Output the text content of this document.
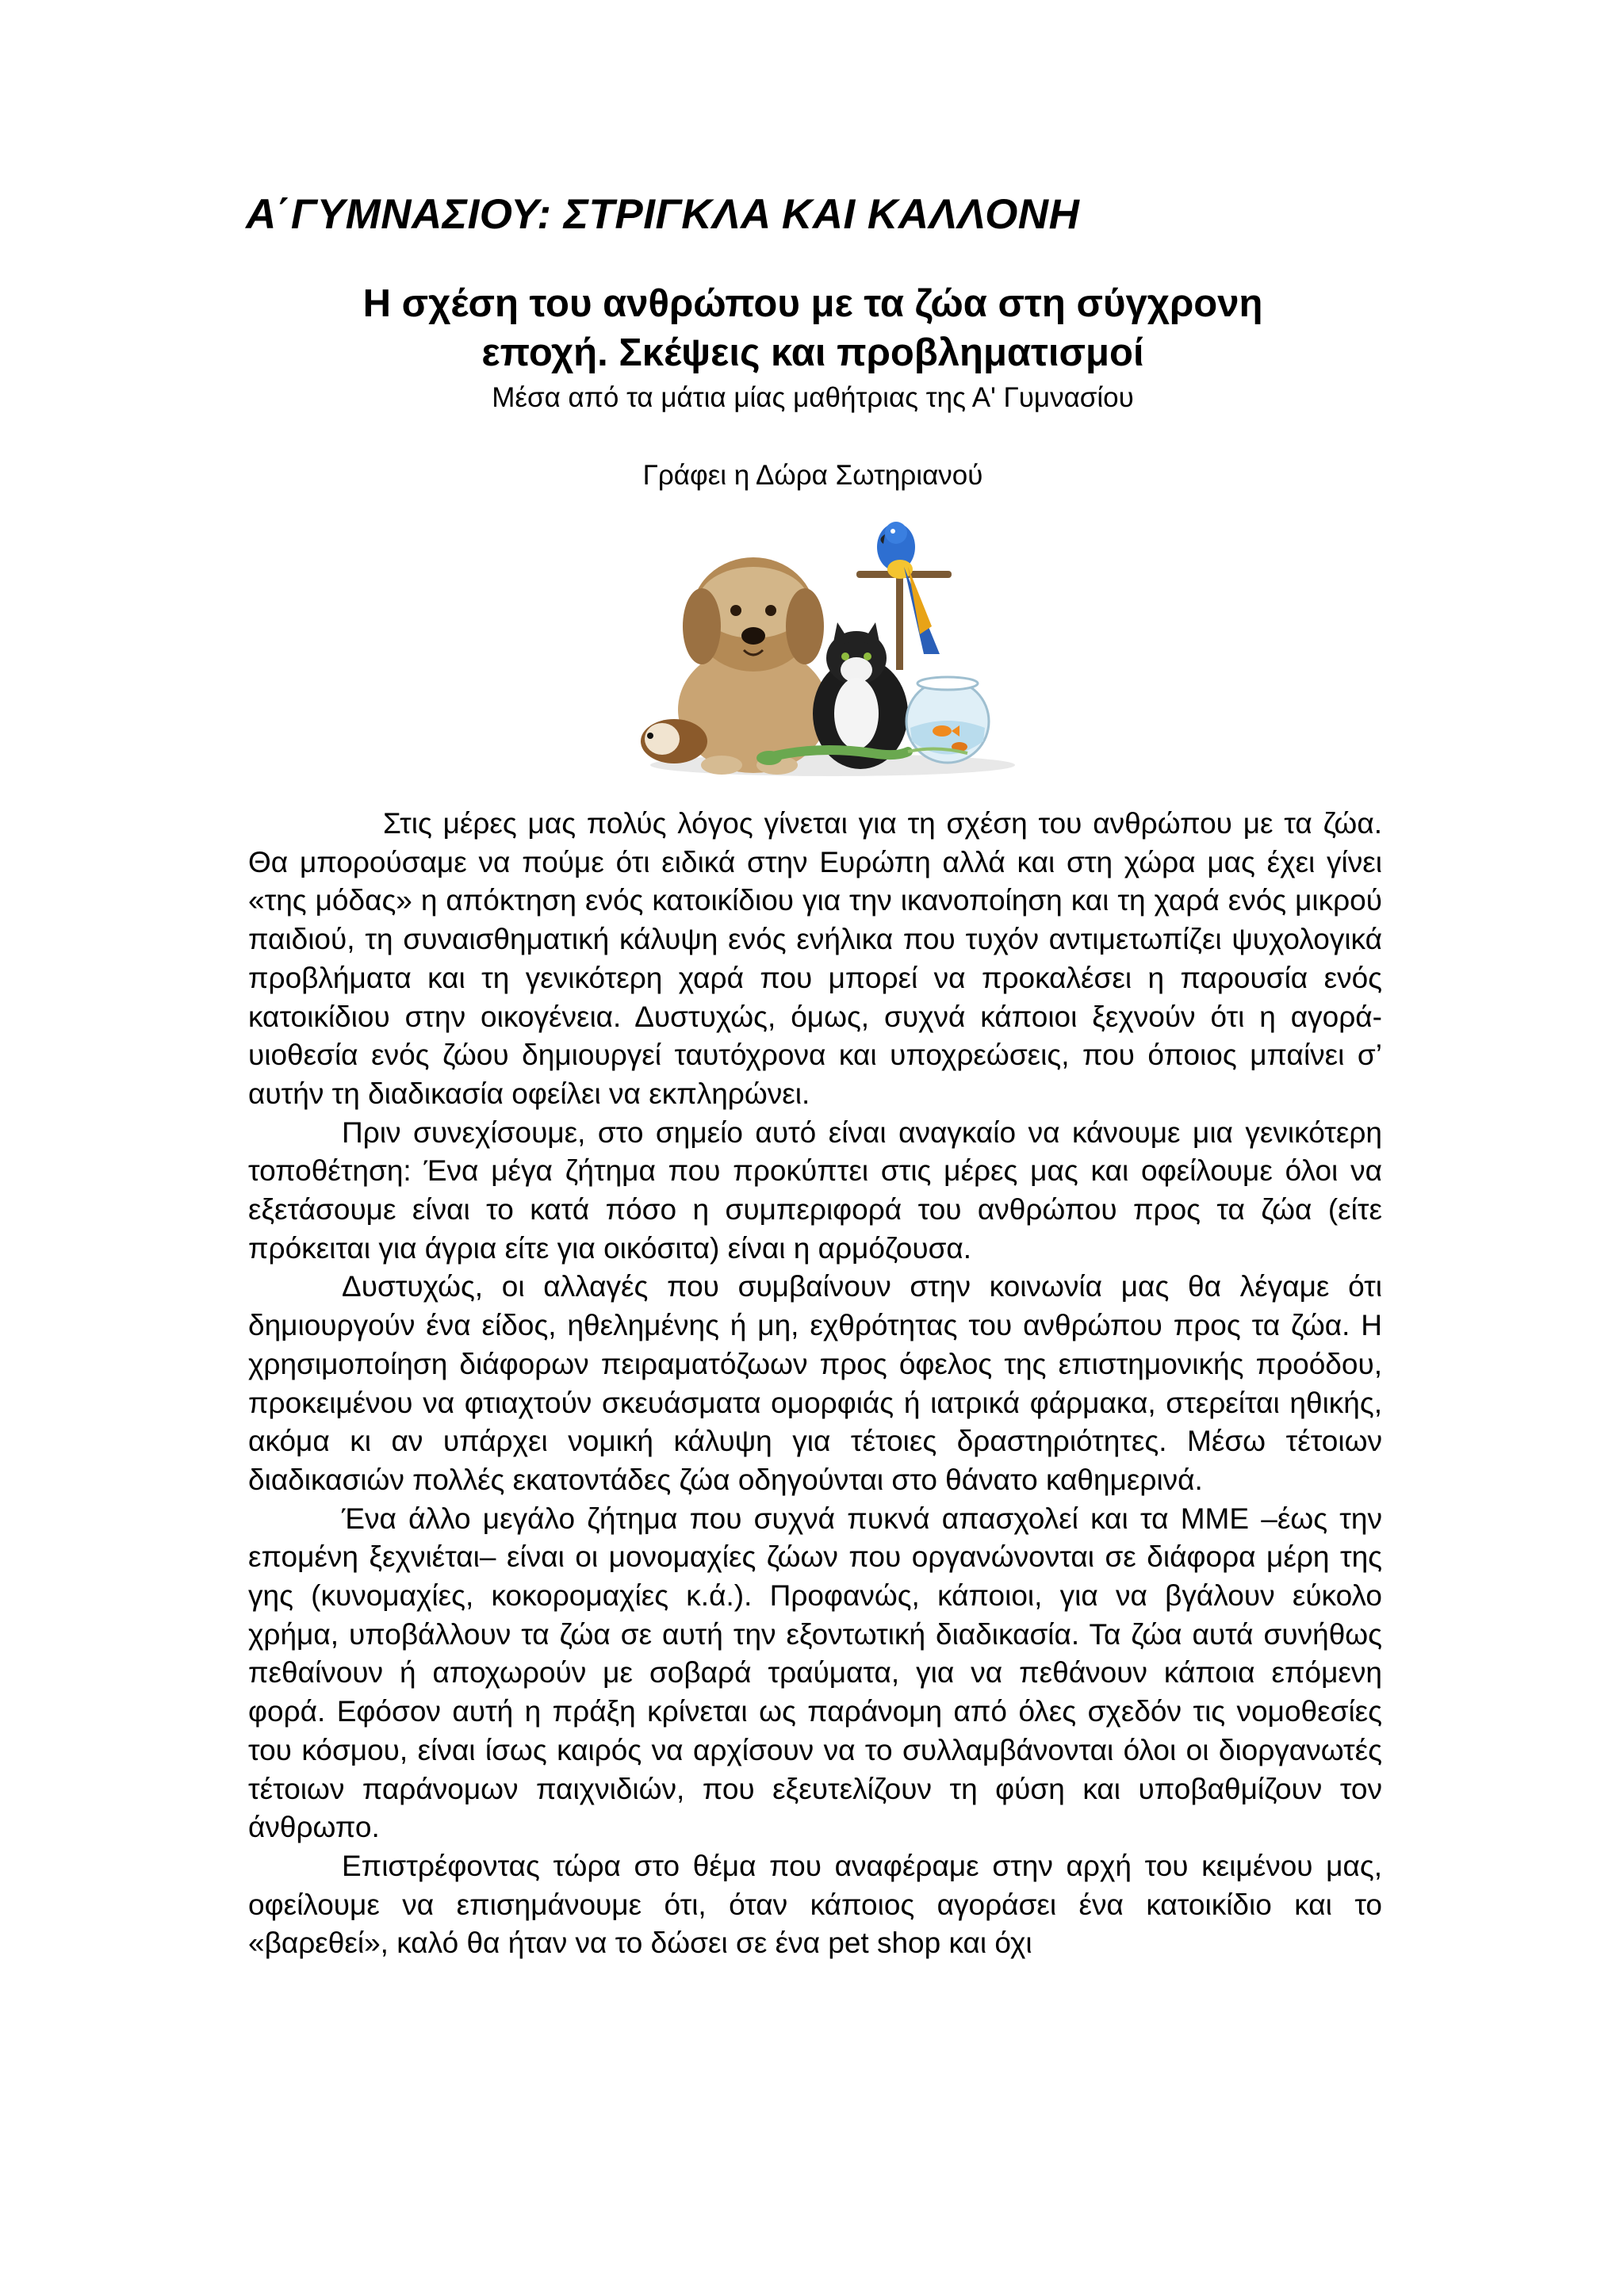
Α΄ΓΥΜΝΑΣΙΟΥ: ΣΤΡΙΓΚΛΑ ΚΑΙ ΚΑΛΛΟΝΗ
Η σχέση του ανθρώπου με τα ζώα στη σύγχρονη
εποχή. Σκέψεις και προβληματισμοί
Μέσα από τα μάτια μίας μαθήτριας της Α' Γυμνασίου
Γράφει η Δώρα Σωτηριανού

Στις μέρες μας πολύς λόγος γίνεται για τη σχέση του ανθρώπου με τα ζώα. Θα μπορούσαμε να πούμε ότι ειδικά στην Ευρώπη αλλά και στη χώρα μας έχει γίνει «της μόδας» η απόκτηση ενός κατοικίδιου για την ικανοποίηση και τη χαρά ενός μικρού παιδιού, τη συναισθηματική κάλυψη ενός ενήλικα που τυχόν αντιμετωπίζει ψυχολογικά προβλήματα και τη γενικότερη χαρά που μπορεί να προκαλέσει η παρουσία ενός κατοικίδιου στην οικογένεια. Δυστυχώς, όμως, συχνά κάποιοι ξεχνούν ότι η αγορά-υιοθεσία ενός ζώου δημιουργεί ταυτόχρονα και υποχρεώσεις, που όποιος μπαίνει σ’ αυτήν τη διαδικασία οφείλει να εκπληρώνει.

Πριν συνεχίσουμε, στο σημείο αυτό είναι αναγκαίο να κάνουμε μια γενικότερη τοποθέτηση: Ένα μέγα ζήτημα που προκύπτει στις μέρες μας και οφείλουμε όλοι να εξετάσουμε είναι το κατά πόσο η συμπεριφορά του ανθρώπου προς τα ζώα (είτε πρόκειται για άγρια είτε για οικόσιτα) είναι η αρμόζουσα.

Δυστυχώς, οι αλλαγές που συμβαίνουν στην κοινωνία μας θα λέγαμε ότι δημιουργούν ένα είδος, ηθελημένης ή μη, εχθρότητας του ανθρώπου προς τα ζώα. Η χρησιμοποίηση διάφορων πειραματόζωων προς όφελος της επιστημονικής προόδου, προκειμένου να φτιαχτούν σκευάσματα ομορφιάς ή ιατρικά φάρμακα, στερείται ηθικής, ακόμα κι αν υπάρχει νομική κάλυψη για τέτοιες δραστηριότητες. Μέσω τέτοιων διαδικασιών πολλές εκατοντάδες ζώα οδηγούνται στο θάνατο καθημερινά.

Ένα άλλο μεγάλο ζήτημα που συχνά πυκνά απασχολεί και τα ΜΜΕ –έως την επομένη ξεχνιέται– είναι οι μονομαχίες ζώων που οργανώνονται σε διάφορα μέρη της γης (κυνομαχίες, κοκορομαχίες κ.ά.). Προφανώς, κάποιοι, για να βγάλουν εύκολο χρήμα, υποβάλλουν τα ζώα σε αυτή την εξοντωτική διαδικασία. Τα ζώα αυτά συνήθως πεθαίνουν ή αποχωρούν με σοβαρά τραύματα, για να πεθάνουν κάποια επόμενη φορά. Εφόσον αυτή η πράξη κρίνεται ως παράνομη από όλες σχεδόν τις νομοθεσίες του κόσμου, είναι ίσως καιρός να αρχίσουν να το συλλαμβάνονται όλοι οι διοργανωτές τέτοιων παράνομων παιχνιδιών, που εξευτελίζουν τη φύση και υποβαθμίζουν τον άνθρωπο.

Επιστρέφοντας τώρα στο θέμα που αναφέραμε στην αρχή του κειμένου μας, οφείλουμε να επισημάνουμε ότι, όταν κάποιος αγοράσει ένα κατοικίδιο και το «βαρεθεί», καλό θα ήταν να το δώσει σε ένα pet shop και όχι
